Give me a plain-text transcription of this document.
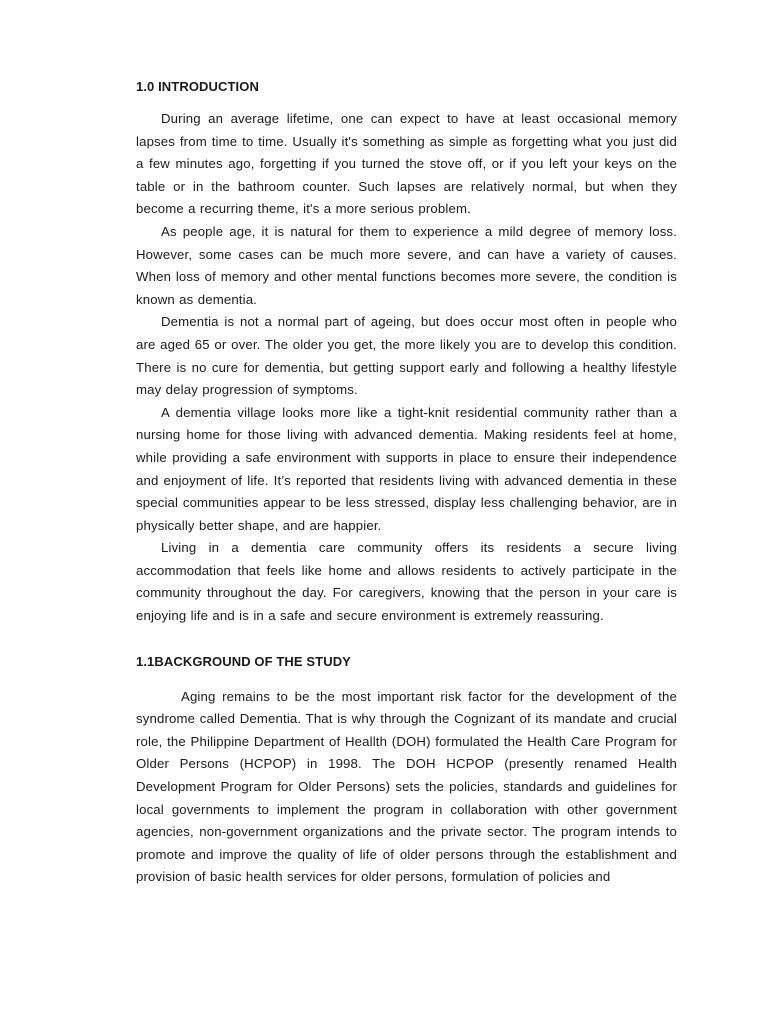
1.0 INTRODUCTION

During an average lifetime, one can expect to have at least occasional memory lapses from time to time. Usually it's something as simple as forgetting what you just did a few minutes ago, forgetting if you turned the stove off, or if you left your keys on the table or in the bathroom counter. Such lapses are relatively normal, but when they become a recurring theme, it's a more serious problem.

As people age, it is natural for them to experience a mild degree of memory loss. However, some cases can be much more severe, and can have a variety of causes. When loss of memory and other mental functions becomes more severe, the condition is known as dementia.

Dementia is not a normal part of ageing, but does occur most often in people who are aged 65 or over. The older you get, the more likely you are to develop this condition. There is no cure for dementia, but getting support early and following a healthy lifestyle may delay progression of symptoms.

A dementia village looks more like a tight-knit residential community rather than a nursing home for those living with advanced dementia. Making residents feel at home, while providing a safe environment with supports in place to ensure their independence and enjoyment of life. It’s reported that residents living with advanced dementia in these special communities appear to be less stressed, display less challenging behavior, are in physically better shape, and are happier.

Living in a dementia care community offers its residents a secure living accommodation that feels like home and allows residents to actively participate in the community throughout the day. For caregivers, knowing that the person in your care is enjoying life and is in a safe and secure environment is extremely reassuring.

1.1BACKGROUND OF THE STUDY

Aging remains to be the most important risk factor for the development of the syndrome called Dementia. That is why through the Cognizant of its mandate and crucial role, the Philippine Department of Heallth (DOH) formulated the Health Care Program for Older Persons (HCPOP) in 1998. The DOH HCPOP (presently renamed Health Development Program for Older Persons) sets the policies, standards and guidelines for local governments to implement the program in collaboration with other government agencies, non-government organizations and the private sector. The program intends to promote and improve the quality of life of older persons through the establishment and provision of basic health services for older persons, formulation of policies and
